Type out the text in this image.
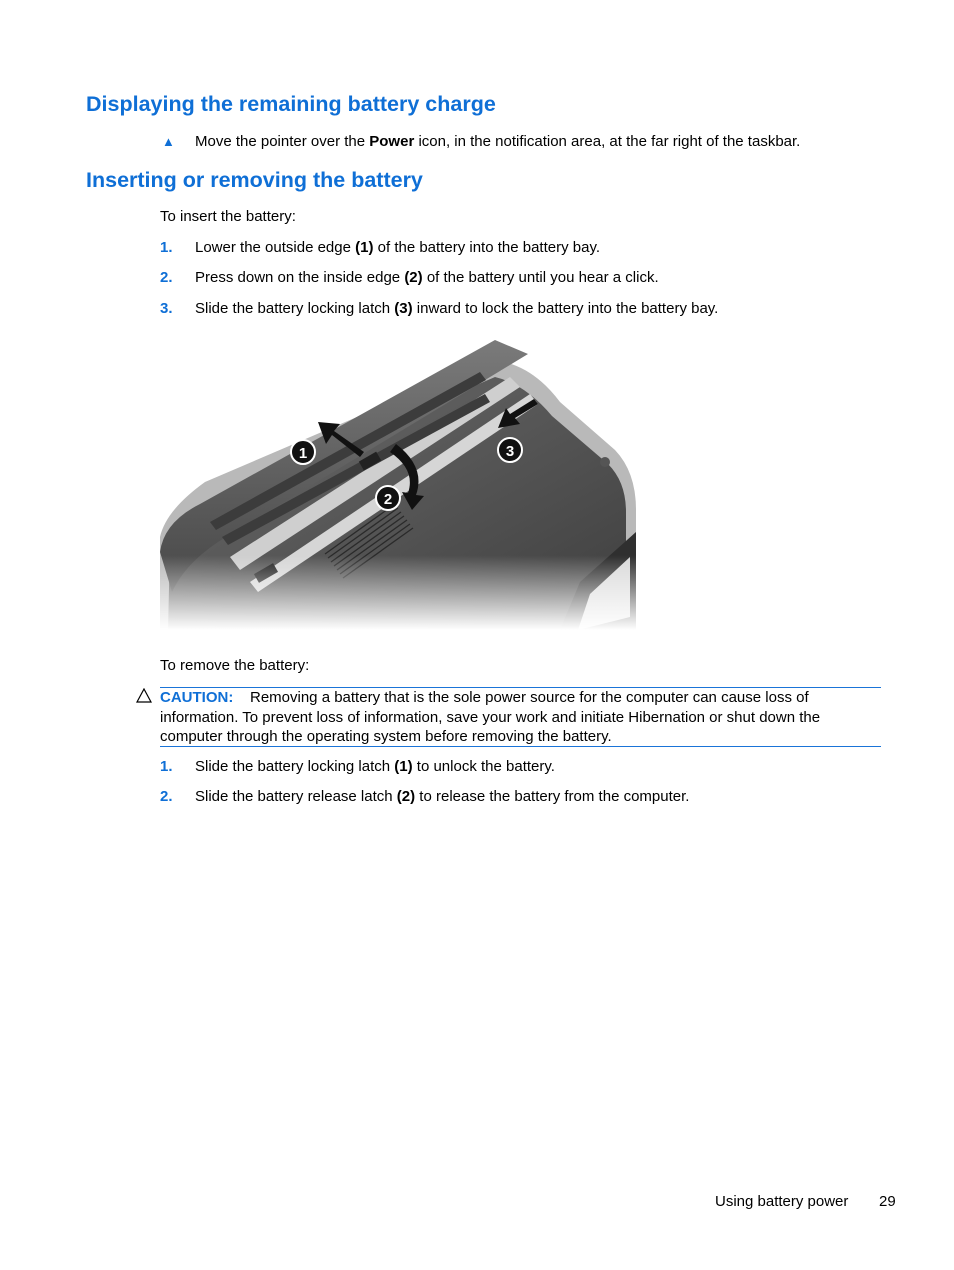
Displaying the remaining battery charge
▲ Move the pointer over the Power icon, in the notification area, at the far right of the taskbar.
Inserting or removing the battery
To insert the battery:
1. Lower the outside edge (1) of the battery into the battery bay.
2. Press down on the inside edge (2) of the battery until you hear a click.
3. Slide the battery locking latch (3) inward to lock the battery into the battery bay.
To remove the battery:
CAUTION: Removing a battery that is the sole power source for the computer can cause loss of
information. To prevent loss of information, save your work and initiate Hibernation or shut down the
computer through the operating system before removing the battery.
1. Slide the battery locking latch (1) to unlock the battery.
2. Slide the battery release latch (2) to release the battery from the computer.
Using battery power 29
